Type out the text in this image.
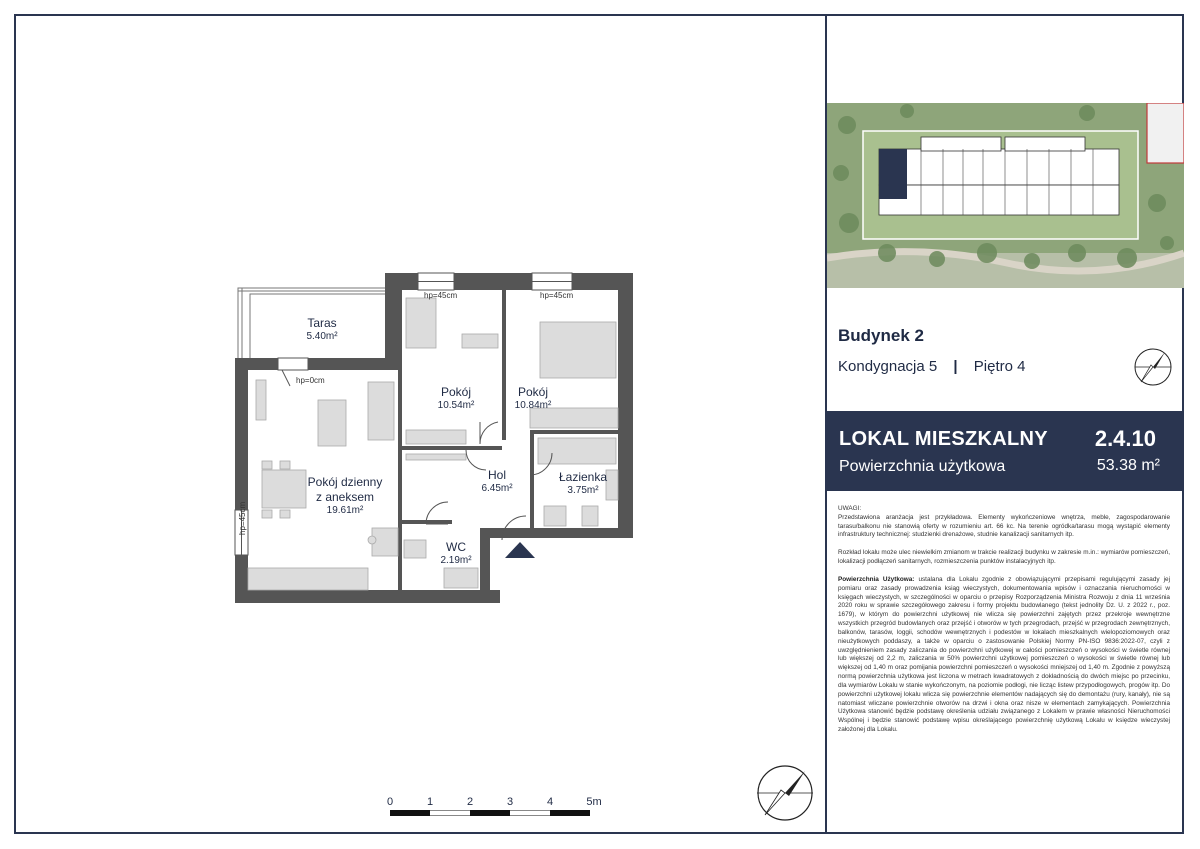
Taras
5.40m²
Pokój
10.54m²
Pokój
10.84m²
Pokój dzienny
z aneksem
19.61m²
Hol
6.45m²
Łazienka
3.75m²
WC
2.19m²
hp=45cm	hp=45cm
hp=0cm
hp=45cm
0	1	2	3	4	5m
Budynek 2
Kondygnacja 5 | Piętro 4
LOKAL MIESZKALNY 2.4.10
Powierzchnia użytkowa	53.38 m²
UWAGI:

Przedstawiona aranżacja jest przykładowa. Elementy wykończeniowe wnętrza, meble, zagospodarowanie tarasu/balkonu nie stanowią oferty w rozumieniu art. 66 kc. Na terenie ogródka/tarasu mogą wystąpić elementy infrastruktury technicznej: studzienki drenażowe, studnie kanalizacji sanitarnych itp.

Rozkład lokalu może ulec niewielkim zmianom w trakcie realizacji budynku w zakresie m.in.: wymiarów pomieszczeń, lokalizacji podłączeń sanitarnych, rozmieszczenia punktów instalacyjnych itp.

Powierzchnia Użytkowa: ustalana dla Lokalu zgodnie z obowiązującymi przepisami regulującymi zasady jej pomiaru oraz zasady prowadzenia ksiąg wieczystych, dokumentowania wpisów i oznaczania nieruchomości w księgach wieczystych, w szczególności w oparciu o przepisy Rozporządzenia Ministra Rozwoju z dnia 11 września 2020 roku w sprawie szczegółowego zakresu i formy projektu budowlanego (tekst jednolity Dz. U. z 2022 r., poz. 1679), w którym do powierzchni użytkowej nie wlicza się powierzchni zajętych przez przekroje wewnętrzne wszystkich przegród budowlanych oraz przejść i otworów w tych przegrodach, przejść w przegrodach zewnętrznych, balkonów, tarasów, loggii, schodów wewnętrznych i podestów w lokalach mieszkalnych wielopoziomowych oraz nieużytkowych poddaszy, a także w oparciu o zastosowanie Polskiej Normy PN-ISO 9836:2022-07, czyli z uwzględnieniem zasady zaliczania do powierzchni użytkowej w całości pomieszczeń o wysokości w świetle równej lub większej od 2,2 m, zaliczania w 50% powierzchni użytkowej pomieszczeń o wysokości w świetle równej lub większej od 1,40 m oraz pomijania powierzchni pomieszczeń o wysokości mniejszej od 1,40 m. Zgodnie z powyższą normą powierzchnia użytkowa jest liczona w metrach kwadratowych z dokładnością do dwóch miejsc po przecinku, dla wymiarów Lokalu w stanie wykończonym, na poziomie podłogi, nie licząc listew przypodłogowych, progów itp. Do powierzchni użytkowej lokalu wlicza się powierzchnie elementów nadających się do demontażu (rury, kanały), nie są natomiast wliczane powierzchnie otworów na drzwi i okna oraz nisze w elementach zamykających. Powierzchnia Użytkowa stanowić będzie podstawę określenia udziału związanego z Lokalem w prawie własności Nieruchomości Wspólnej i będzie stanowić podstawę wpisu określającego powierzchnię użytkową Lokalu w księdze wieczystej założonej dla Lokalu.
